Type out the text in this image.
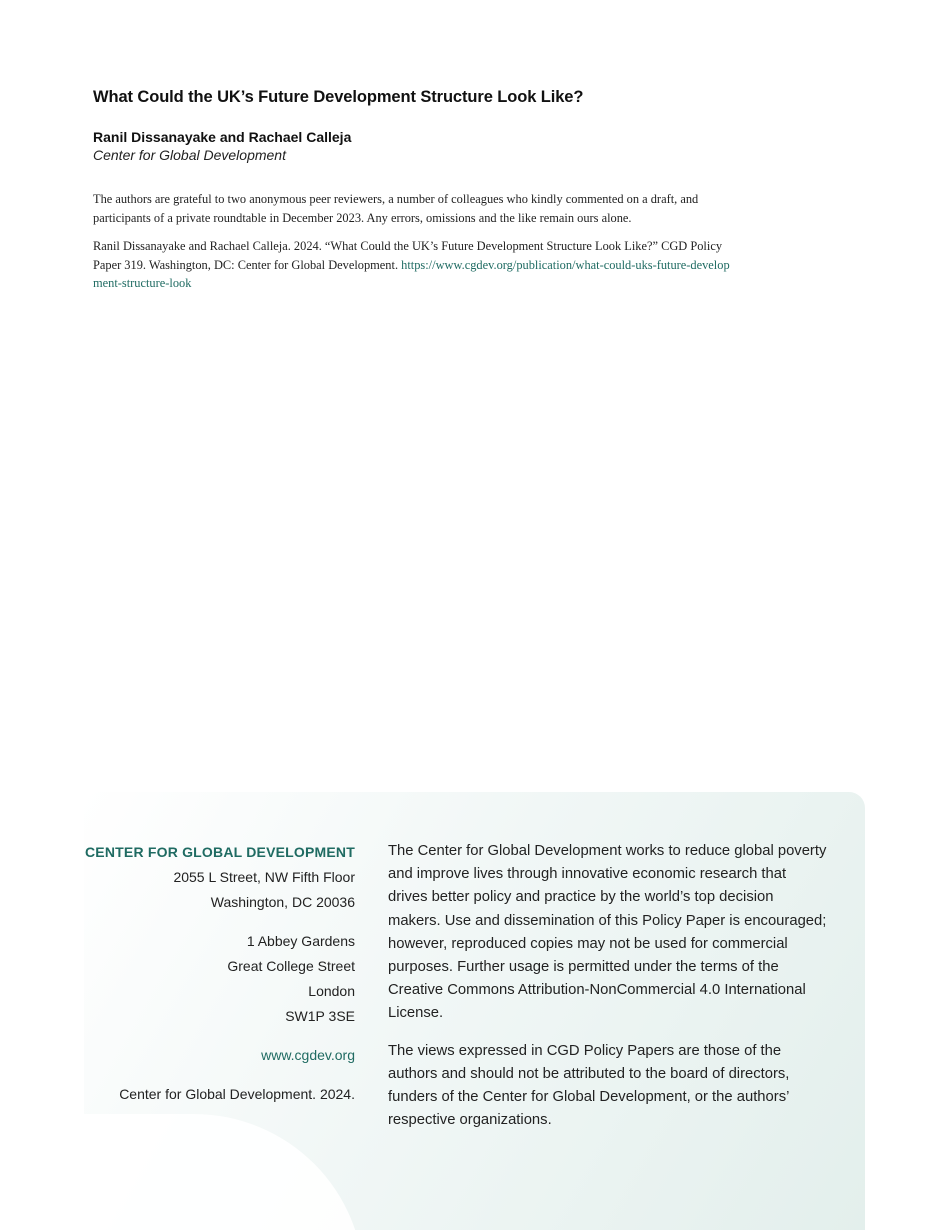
What Could the UK’s Future Development Structure Look Like?

Ranil Dissanayake and Rachael Calleja

Center for Global Development

The authors are grateful to two anonymous peer reviewers, a number of colleagues who kindly commented on a draft, and participants of a private roundtable in December 2023. Any errors, omissions and the like remain ours alone.

Ranil Dissanayake and Rachael Calleja. 2024. “What Could the UK’s Future Development Structure Look Like?” CGD Policy Paper 319. Washington, DC: Center for Global Development. https://www.cgdev.org/publication/what-could-uks-future-development-structure-look

CENTER FOR GLOBAL DEVELOPMENT
2055 L Street, NW Fifth Floor
Washington, DC 20036
1 Abbey Gardens
Great College Street
London
SW1P 3SE
www.cgdev.org
Center for Global Development. 2024.

The Center for Global Development works to reduce global poverty and improve lives through innovative economic research that drives better policy and practice by the world’s top decision makers. Use and dissemination of this Policy Paper is encouraged; however, reproduced copies may not be used for commercial purposes. Further usage is permitted under the terms of the Creative Commons Attribution-NonCommercial 4.0 International License.

The views expressed in CGD Policy Papers are those of the authors and should not be attributed to the board of directors, funders of the Center for Global Development, or the authors’ respective organizations.
